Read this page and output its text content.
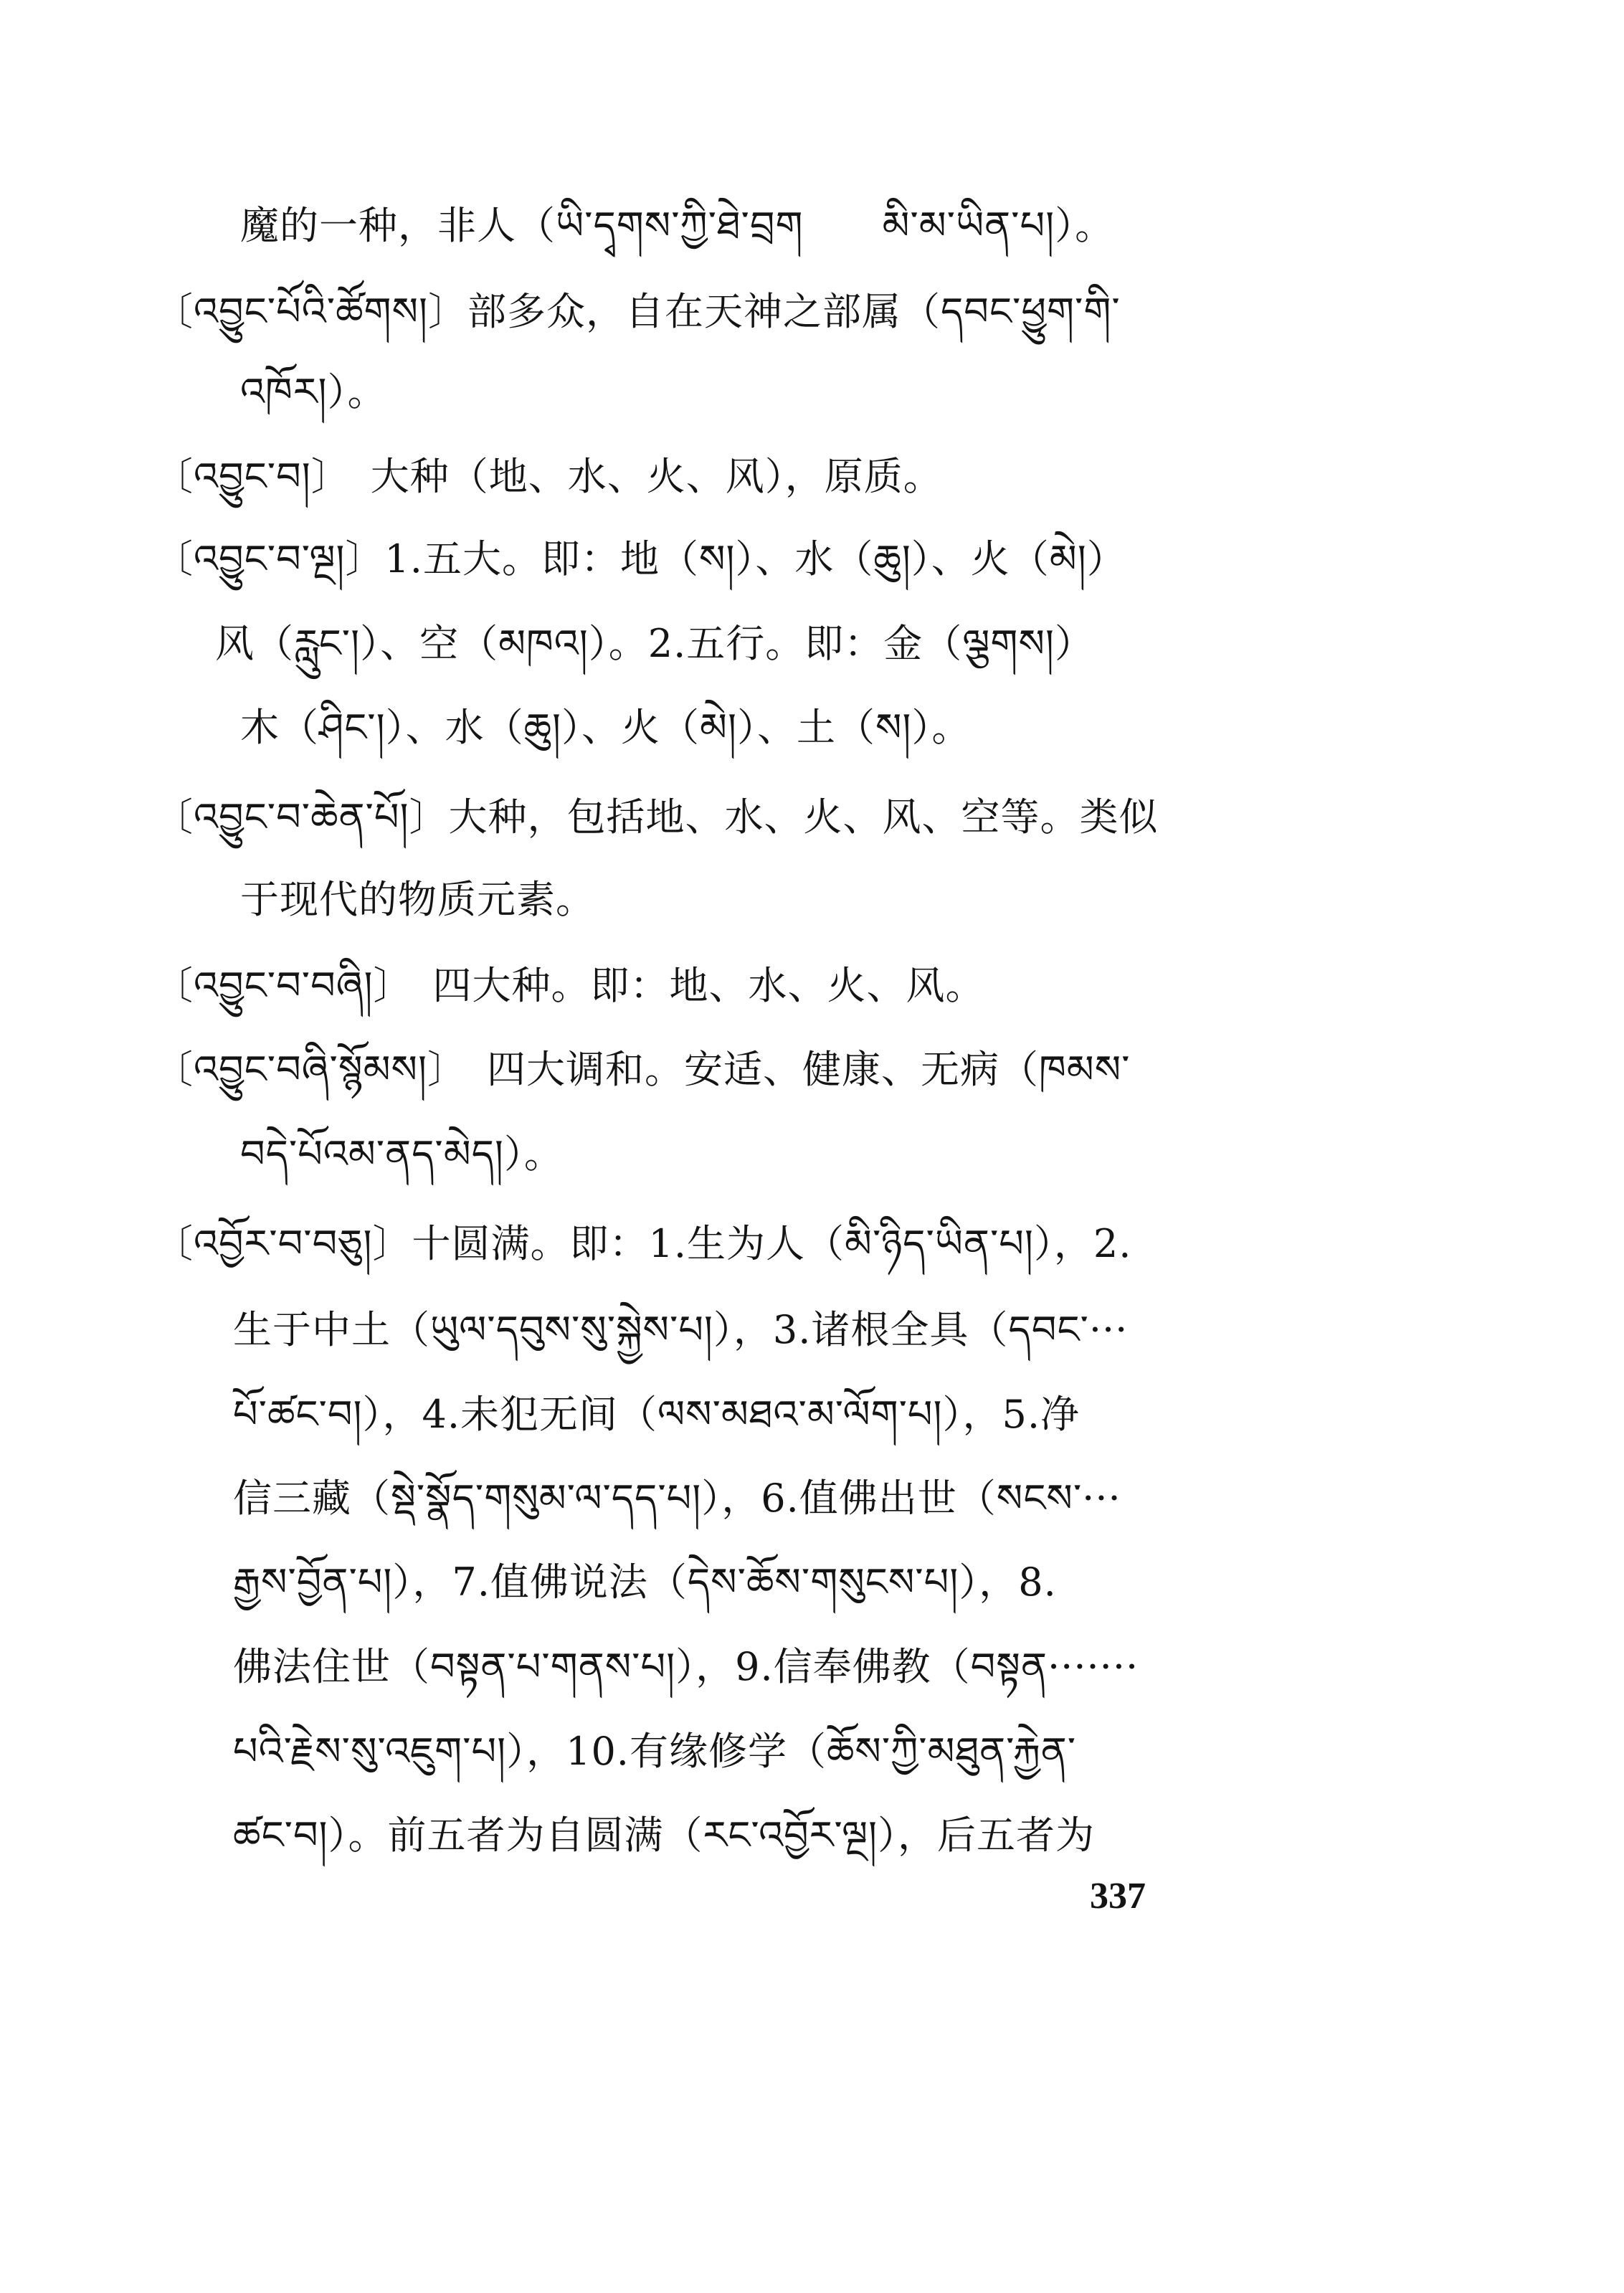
魔的一种，非人（ཡི་དྭགས་ཀྱི་ཐེ་བྲག　　མི་མ་ཡིན་པ།）。
〔འབྱུང་པོའི་ཚོགས།〕部多众，自在天神之部属（དབང་ཕྱུག་གི་
འཁོར།）。
〔འབྱུང་བ།〕　大种（地、水、火、风），原质。
〔འབྱུང་བ་ལྔ།〕1.五大。即：地（ས།）、水（ཆུ།）、火（མེ།）
风（རླུང་།）、空（མཁའ།）。2.五行。即：金（ལྕགས།）
木（ཤིང་།）、水（ཆུ།）、火（མེ།）、土（ས།）。
〔འབྱུང་བ་ཆེན་པོ།〕大种，包括地、水、火、风、空等。类似
于现代的物质元素。
〔འབྱུང་བ་བཞི།〕　四大种。即：地、水、火、风。
〔འབྱུང་བཞི་སྙོམས།〕　四大调和。安适、健康、无病（ཁམས་
བདེ་པོའམ་ནད་མེད།）。
〔འབྱོར་བ་བཅུ།〕十圆满。即：1.生为人（མི་ཉིད་ཡིན་པ།），2.
生于中土（ཡུལ་དབུས་སུ་སྐྱེས་པ།），3.诸根全具（དབང་···
པོ་ཚང་བ།），4.未犯无间（ལས་མཐའ་མ་ལོག་པ།），5.净
信三藏（སྡེ་སྣོད་གསུམ་ལ་དད་པ།），6.值佛出世（སངས་···
རྒྱས་བྱོན་པ།），7.值佛说法（དེས་ཆོས་གསུངས་པ།），8.
佛法住世（བསྟན་པ་གནས་པ།），9.信奉佛教（བསྟན·······
པའི་རྗེས་སུ་འཇུག་པ།），10.有缘修学（ཆོས་ཀྱི་མཐུན་རྐྱེན་
ཚང་བ།）。前五者为自圆满（རང་འབྱོར་ལྔ།），后五者为
337
